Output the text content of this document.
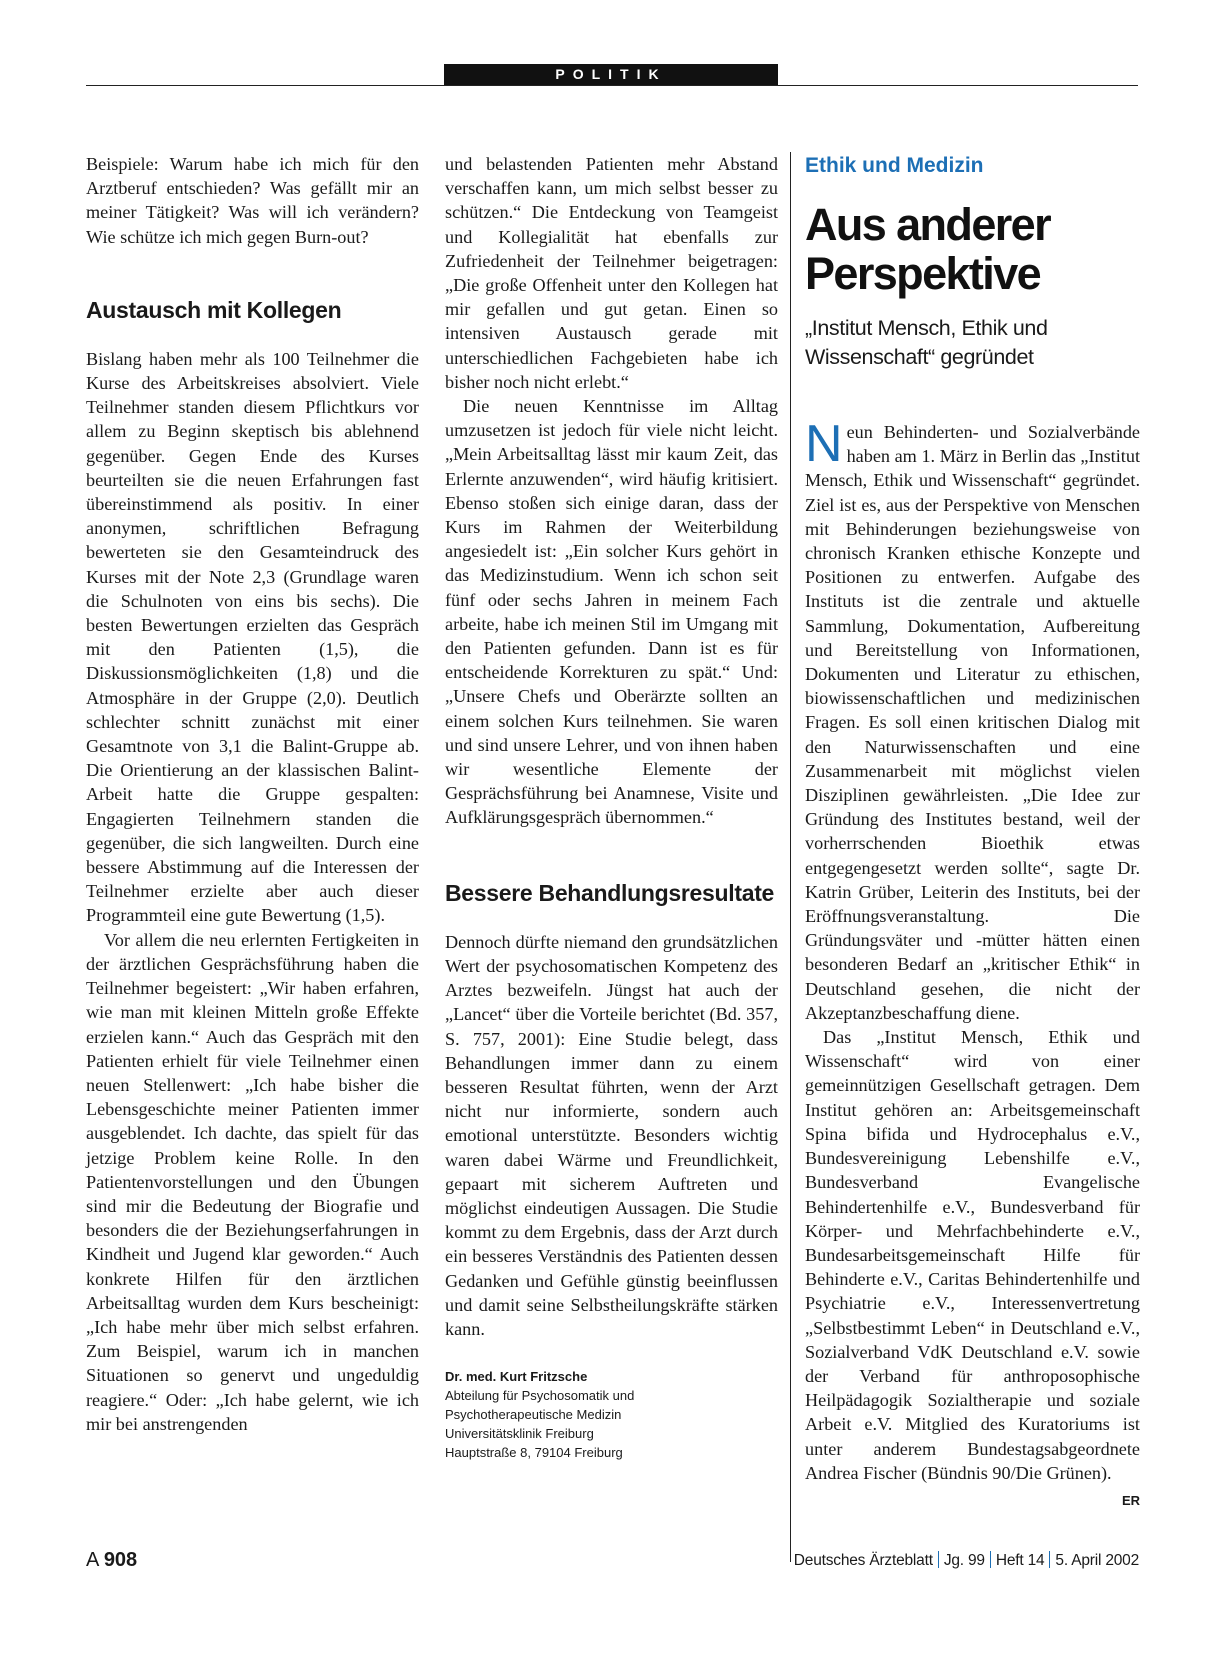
POLITIK

Beispiele: Warum habe ich mich für den Arztberuf entschieden? Was gefällt mir an meiner Tätigkeit? Was will ich verändern? Wie schütze ich mich gegen Burn-out?

Austausch mit Kollegen

Bislang haben mehr als 100 Teilnehmer die Kurse des Arbeitskreises absolviert. Viele Teilnehmer standen diesem Pflichtkurs vor allem zu Beginn skeptisch bis ablehnend gegenüber. Gegen Ende des Kurses beurteilten sie die neuen Erfahrungen fast übereinstimmend als positiv. In einer anonymen, schriftlichen Befragung bewerteten sie den Gesamteindruck des Kurses mit der Note 2,3 (Grundlage waren die Schulnoten von eins bis sechs). Die besten Bewertungen erzielten das Gespräch mit den Patienten (1,5), die Diskussionsmöglichkeiten (1,8) und die Atmosphäre in der Gruppe (2,0). Deutlich schlechter schnitt zunächst mit einer Gesamtnote von 3,1 die Balint-Gruppe ab. Die Orientierung an der klassischen Balint-Arbeit hatte die Gruppe gespalten: Engagierten Teilnehmern standen die gegenüber, die sich langweilten. Durch eine bessere Abstimmung auf die Interessen der Teilnehmer erzielte aber auch dieser Programmteil eine gute Bewertung (1,5).

Vor allem die neu erlernten Fertigkeiten in der ärztlichen Gesprächsführung haben die Teilnehmer begeistert: „Wir haben erfahren, wie man mit kleinen Mitteln große Effekte erzielen kann.“ Auch das Gespräch mit den Patienten erhielt für viele Teilnehmer einen neuen Stellenwert: „Ich habe bisher die Lebensgeschichte meiner Patienten immer ausgeblendet. Ich dachte, das spielt für das jetzige Problem keine Rolle. In den Patientenvorstellungen und den Übungen sind mir die Bedeutung der Biografie und besonders die der Beziehungserfahrungen in Kindheit und Jugend klar geworden.“ Auch konkrete Hilfen für den ärztlichen Arbeitsalltag wurden dem Kurs bescheinigt: „Ich habe mehr über mich selbst erfahren. Zum Beispiel, warum ich in manchen Situationen so genervt und ungeduldig reagiere.“ Oder: „Ich habe gelernt, wie ich mir bei anstrengenden

und belastenden Patienten mehr Abstand verschaffen kann, um mich selbst besser zu schützen.“ Die Entdeckung von Teamgeist und Kollegialität hat ebenfalls zur Zufriedenheit der Teilnehmer beigetragen: „Die große Offenheit unter den Kollegen hat mir gefallen und gut getan. Einen so intensiven Austausch gerade mit unterschiedlichen Fachgebieten habe ich bisher noch nicht erlebt.“

Die neuen Kenntnisse im Alltag umzusetzen ist jedoch für viele nicht leicht. „Mein Arbeitsalltag lässt mir kaum Zeit, das Erlernte anzuwenden“, wird häufig kritisiert. Ebenso stoßen sich einige daran, dass der Kurs im Rahmen der Weiterbildung angesiedelt ist: „Ein solcher Kurs gehört in das Medizinstudium. Wenn ich schon seit fünf oder sechs Jahren in meinem Fach arbeite, habe ich meinen Stil im Umgang mit den Patienten gefunden. Dann ist es für entscheidende Korrekturen zu spät.“ Und: „Unsere Chefs und Oberärzte sollten an einem solchen Kurs teilnehmen. Sie waren und sind unsere Lehrer, und von ihnen haben wir wesentliche Elemente der Gesprächsführung bei Anamnese, Visite und Aufklärungsgespräch übernommen.“

Bessere Behandlungsresultate

Dennoch dürfte niemand den grundsätzlichen Wert der psychosomatischen Kompetenz des Arztes bezweifeln. Jüngst hat auch der „Lancet“ über die Vorteile berichtet (Bd. 357, S. 757, 2001): Eine Studie belegt, dass Behandlungen immer dann zu einem besseren Resultat führten, wenn der Arzt nicht nur informierte, sondern auch emotional unterstützte. Besonders wichtig waren dabei Wärme und Freundlichkeit, gepaart mit sicherem Auftreten und möglichst eindeutigen Aussagen. Die Studie kommt zu dem Ergebnis, dass der Arzt durch ein besseres Verständnis des Patienten dessen Gedanken und Gefühle günstig beeinflussen und damit seine Selbstheilungskräfte stärken kann.

Dr. med. Kurt Fritzsche
Abteilung für Psychosomatik und
Psychotherapeutische Medizin
Universitätsklinik Freiburg
Hauptstraße 8, 79104 Freiburg
Ethik und Medizin
Aus anderer
Perspektive
„Institut Mensch, Ethik und
Wissenschaft“ gegründet

Neun Behinderten- und Sozialverbände haben am 1. März in Berlin das „Institut Mensch, Ethik und Wissenschaft“ gegründet. Ziel ist es, aus der Perspektive von Menschen mit Behinderungen beziehungsweise von chronisch Kranken ethische Konzepte und Positionen zu entwerfen. Aufgabe des Instituts ist die zentrale und aktuelle Sammlung, Dokumentation, Aufbereitung und Bereitstellung von Informationen, Dokumenten und Literatur zu ethischen, biowissenschaftlichen und medizinischen Fragen. Es soll einen kritischen Dialog mit den Naturwissenschaften und eine Zusammenarbeit mit möglichst vielen Disziplinen gewährleisten. „Die Idee zur Gründung des Institutes bestand, weil der vorherrschenden Bioethik etwas entgegengesetzt werden sollte“, sagte Dr. Katrin Grüber, Leiterin des Instituts, bei der Eröffnungsveranstaltung. Die Gründungsväter und -mütter hätten einen besonderen Bedarf an „kritischer Ethik“ in Deutschland gesehen, die nicht der Akzeptanzbeschaffung diene.

Das „Institut Mensch, Ethik und Wissenschaft“ wird von einer gemeinnützigen Gesellschaft getragen. Dem Institut gehören an: Arbeitsgemeinschaft Spina bifida und Hydrocephalus e.V., Bundesvereinigung Lebenshilfe e.V., Bundesverband Evangelische Behindertenhilfe e.V., Bundesverband für Körper- und Mehrfachbehinderte e.V., Bundesarbeitsgemeinschaft Hilfe für Behinderte e.V., Caritas Behindertenhilfe und Psychiatrie e.V., Interessenvertretung „Selbstbestimmt Leben“ in Deutschland e.V., Sozialverband VdK Deutschland e.V. sowie der Verband für anthroposophische Heilpädagogik Sozialtherapie und soziale Arbeit e.V. Mitglied des Kuratoriums ist unter anderem Bundestagsabgeordnete Andrea Fischer (Bündnis 90/Die Grünen).
ER

A 908	Deutsches Ärzteblatt Jg. 99 Heft 14 5. April 2002
